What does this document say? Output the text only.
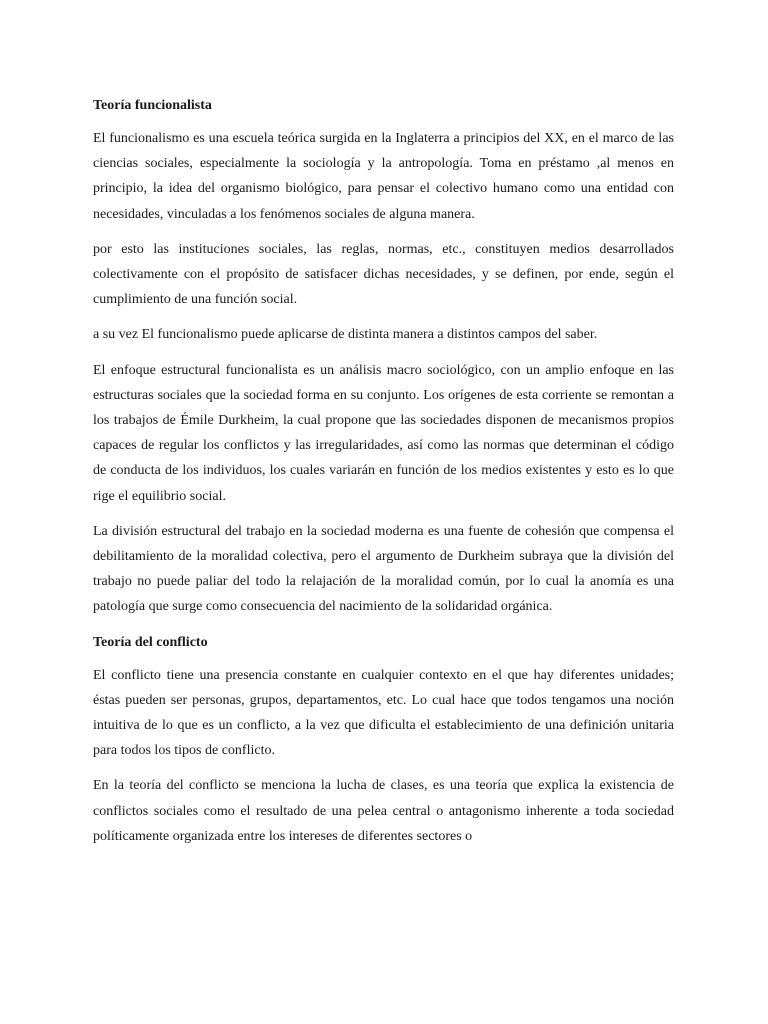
Teoría funcionalista

El funcionalismo es una escuela teórica surgida en la Inglaterra a principios del XX, en el marco de las ciencias sociales, especialmente la sociología y la antropología. Toma en préstamo ,al menos en principio, la idea del organismo biológico, para pensar el colectivo humano como una entidad con necesidades, vinculadas a los fenómenos sociales de alguna manera.

por esto las instituciones sociales, las reglas, normas, etc., constituyen medios desarrollados colectivamente con el propósito de satisfacer dichas necesidades, y se definen, por ende, según el cumplimiento de una función social.

a su vez El funcionalismo puede aplicarse de distinta manera a distintos campos del saber.

El enfoque estructural funcionalista es un análisis macro sociológico, con un amplio enfoque en las estructuras sociales que la sociedad forma en su conjunto. Los orígenes de esta corriente se remontan a los trabajos de Émile Durkheim, la cual propone que las sociedades disponen de mecanismos propios capaces de regular los conflictos y las irregularidades, así como las normas que determinan el código de conducta de los individuos, los cuales variarán en función de los medios existentes y esto es lo que rige el equilibrio social.

La división estructural del trabajo en la sociedad moderna es una fuente de cohesión que compensa el debilitamiento de la moralidad colectiva, pero el argumento de Durkheim subraya que la división del trabajo no puede paliar del todo la relajación de la moralidad común, por lo cual la anomía es una patología que surge como consecuencia del nacimiento de la solidaridad orgánica.

Teoría del conflicto

El conflicto tiene una presencia constante en cualquier contexto en el que hay diferentes unidades; éstas pueden ser personas, grupos, departamentos, etc. Lo cual hace que todos tengamos una noción intuitiva de lo que es un conflicto, a la vez que dificulta el establecimiento de una definición unitaria para todos los tipos de conflicto.

En la teoría del conflicto se menciona la lucha de clases, es una teoría que explica la existencia de conflictos sociales como el resultado de una pelea central o antagonismo inherente a toda sociedad políticamente organizada entre los intereses de diferentes sectores o
